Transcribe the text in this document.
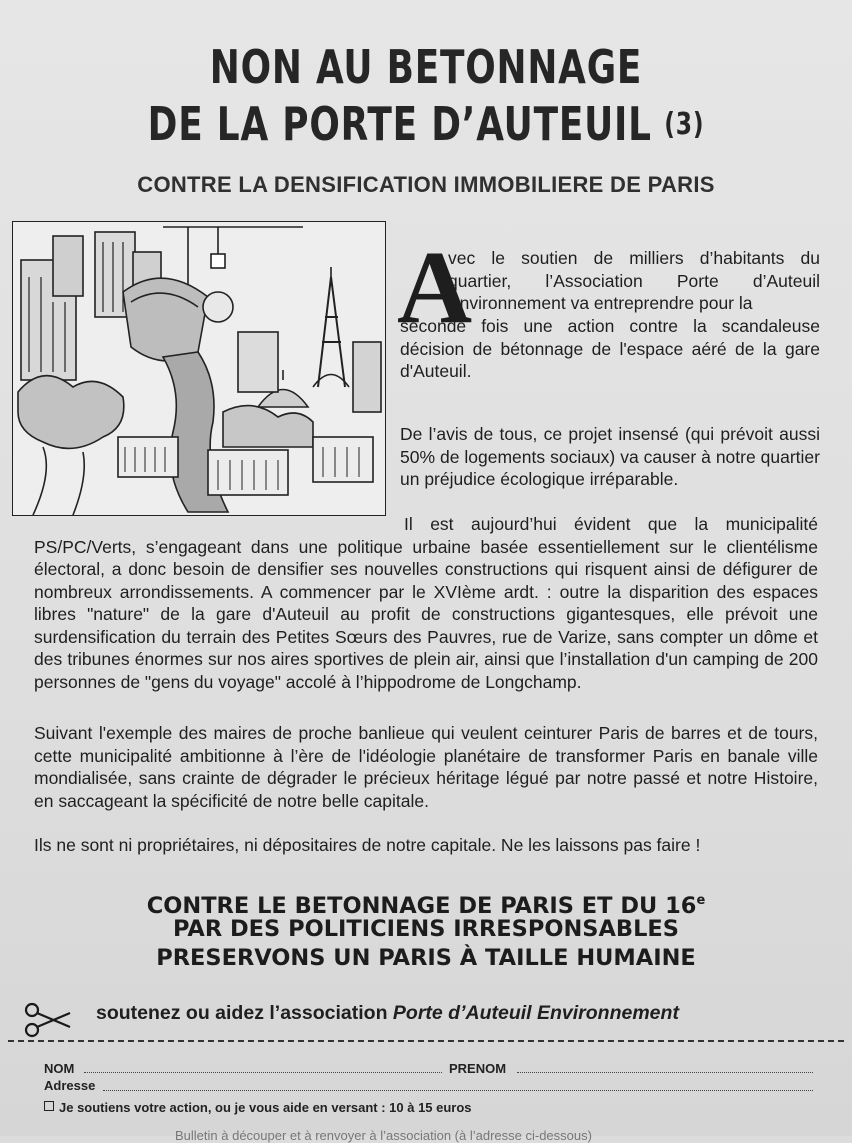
NON AU BETONNAGE
DE LA PORTE D’AUTEUIL (3)
CONTRE LA DENSIFICATION IMMOBILIERE DE PARIS
A
vec le soutien de milliers d’habitants du quartier, l’Association Porte d’Auteuil Environnement va entreprendre pour la
seconde fois une action contre la scandaleuse décision de bétonnage de l'espace aéré de la gare d'Auteuil.
De l’avis de tous, ce projet insensé (qui prévoit aussi 50% de logements sociaux) va causer à notre quartier un préjudice écologique irréparable.
Il est aujourd’hui évident que la municipalité PS/PC/Verts, s’engageant dans une politique urbaine basée essentiellement sur le clientélisme électoral, a donc besoin de densifier ses nouvelles constructions qui risquent ainsi de défigurer de nombreux arrondissements. A commencer par le XVIème ardt. : outre la disparition des espaces libres "nature" de la gare d'Auteuil au profit de constructions gigantesques, elle prévoit une surdensification du terrain des Petites Sœurs des Pauvres, rue de Varize, sans compter un dôme et des tribunes énormes sur nos aires sportives de plein air, ainsi que l’installation d'un camping de 200 personnes de "gens du voyage" accolé à l’hippodrome de Longchamp.
Suivant l'exemple des maires de proche banlieue qui veulent ceinturer Paris de barres et de tours, cette municipalité ambitionne à l’ère de l'idéologie planétaire de transformer Paris en banale ville mondialisée, sans crainte de dégrader le précieux héritage légué par notre passé et notre Histoire, en saccageant la spécificité de notre belle capitale.
Ils ne sont ni propriétaires, ni dépositaires de notre capitale. Ne les laissons pas faire !
CONTRE LE BETONNAGE DE PARIS ET DU 16e
PAR DES POLITICIENS IRRESPONSABLES
PRESERVONS UN PARIS À TAILLE HUMAINE
soutenez ou aidez l’association Porte d’Auteuil Environnement
NOM	PRENOM
Adresse
Je soutiens votre action, ou je vous aide en versant : 10 à 15 euros
Bulletin à découper et à renvoyer à l’association (à l’adresse ci-dessous)
